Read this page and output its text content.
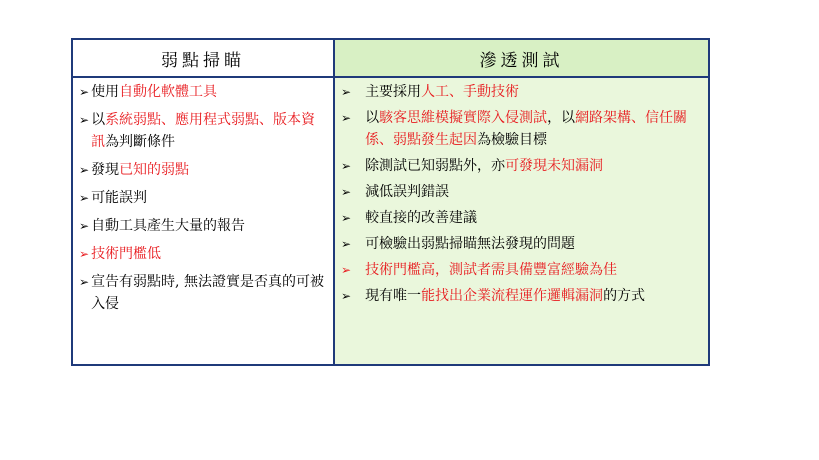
弱點掃瞄
➢ 使用自動化軟體工具
➢ 以系統弱點、應用程式弱點、版本資訊為判斷條件
➢ 發現已知的弱點
➢ 可能誤判
➢ 自動工具產生大量的報告
➢ 技術門檻低
➢ 宣告有弱點時, 無法證實是否真的可被入侵
滲透測試
➢ 主要採用人工、手動技術
➢ 以駭客思維模擬實際入侵測試，以網路架構、信任關係、弱點發生起因為檢驗目標
➢ 除測試已知弱點外，亦可發現未知漏洞
➢ 減低誤判錯誤
➢ 較直接的改善建議
➢ 可檢驗出弱點掃瞄無法發現的問題
➢ 技術門檻高，測試者需具備豐富經驗為佳
➢ 現有唯一能找出企業流程運作邏輯漏洞的方式
